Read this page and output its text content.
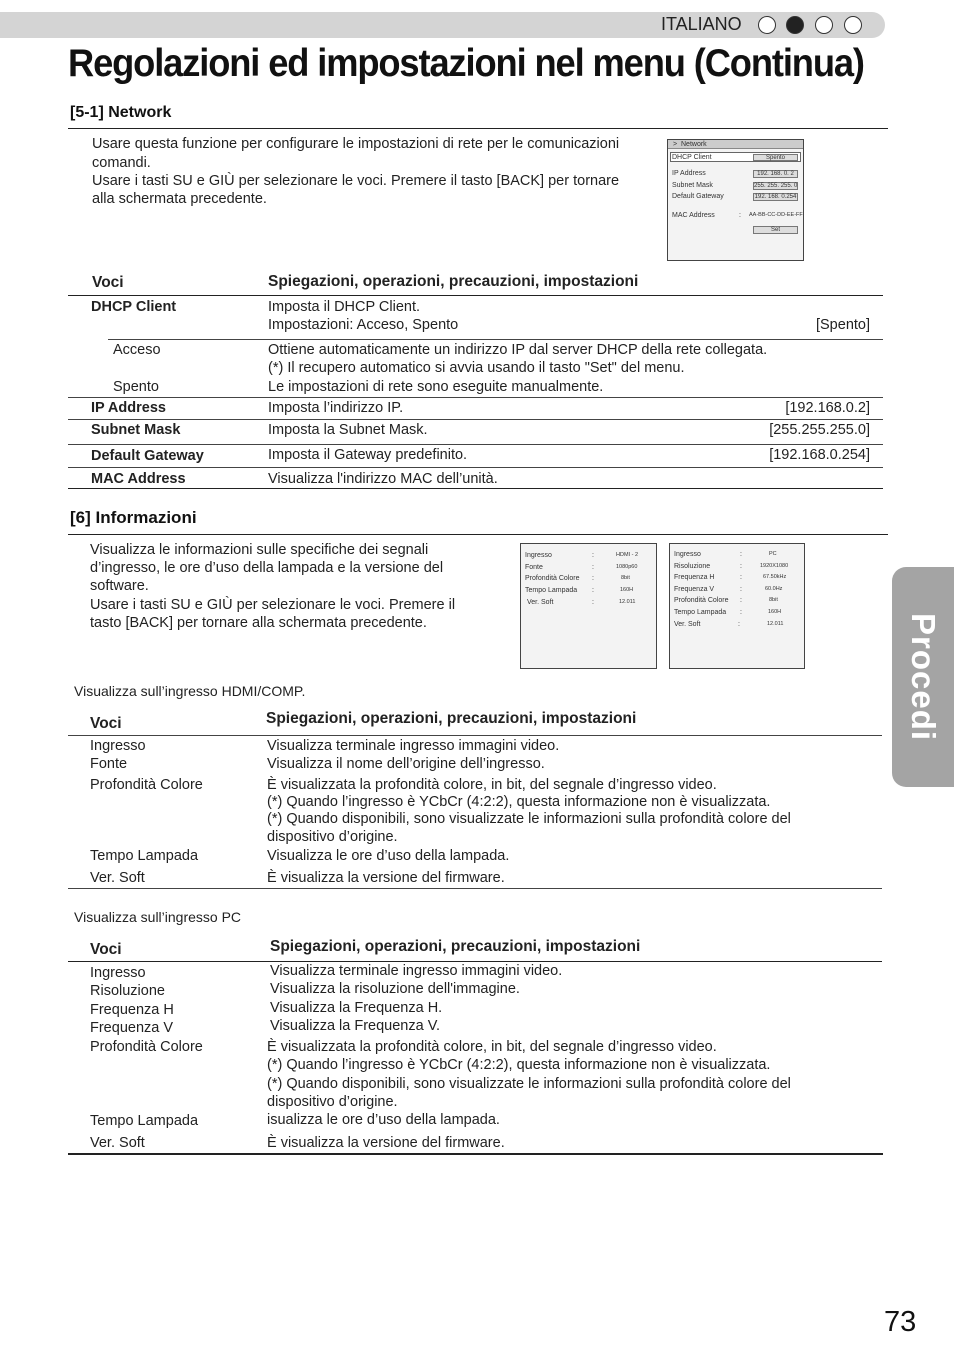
ITALIANO
Regolazioni ed impostazioni nel menu (Continua)
[5-1] Network
Usare questa funzione per configurare le impostazioni di rete per le comunicazioni
comandi.
Usare i tasti SU e GIÙ per selezionare le voci. Premere il tasto [BACK] per tornare
alla schermata precedente.
> Network
DHCP Client	Spento
IP Address	192. 168. 0. 2
Subnet Mask	255. 255. 255. 0
Default Gateway	192. 168. 0.254
MAC Address	: AA-BB-CC-DD-EE-FF
Set
Voci	Spiegazioni, operazioni, precauzioni, impostazioni
DHCP Client	Imposta il DHCP Client.
Impostazioni: Acceso, Spento	[Spento]
Acceso	Ottiene automaticamente un indirizzo IP dal server DHCP della rete collegata.
(*) Il recupero automatico si avvia usando il tasto "Set" del menu.
Spento	Le impostazioni di rete sono eseguite manualmente.
IP Address	Imposta l’indirizzo IP.	[192.168.0.2]
Subnet Mask	Imposta la Subnet Mask.	[255.255.255.0]
Default Gateway	Imposta il Gateway predefinito.	[192.168.0.254]
MAC Address	Visualizza l'indirizzo MAC dell’unità.
[6] Informazioni
Visualizza le informazioni sulle specifiche dei segnali
d’ingresso, le ore d’uso della lampada e la versione del
software.
Usare i tasti SU e GIÙ per selezionare le voci. Premere il
tasto [BACK] per tornare alla schermata precedente.
Ingresso	:	HDMI - 2
Fonte	:	1080p60
Profondità Colore :	8bit
Tempo Lampada :	160H
Ver. Soft	:	12.011
Ingresso	:	PC
Risoluzione	:	1920X1080
Frequenza H	:	67.50kHz
Frequenza V	:	60.0Hz
Profondità Colore :	8bit
Tempo Lampada :	160H
Ver. Soft	:	12.011
Visualizza sull’ingresso HDMI/COMP.
Voci	Spiegazioni, operazioni, precauzioni, impostazioni
Ingresso	Visualizza terminale ingresso immagini video.
Fonte	Visualizza il nome dell’origine dell’ingresso.
Profondità Colore	È visualizzata la profondità colore, in bit, del segnale d’ingresso video.
(*) Quando l’ingresso è YCbCr (4:2:2), questa informazione non è visualizzata.
(*) Quando disponibili, sono visualizzate le informazioni sulla profondità colore del
dispositivo d’origine.
Tempo Lampada	Visualizza le ore d’uso della lampada.
Ver. Soft	È visualizza la versione del firmware.
Visualizza sull’ingresso PC
Voci	Spiegazioni, operazioni, precauzioni, impostazioni
Ingresso	Visualizza terminale ingresso immagini video.
Risoluzione	Visualizza la risoluzione dell'immagine.
Frequenza H	Visualizza la Frequenza H.
Frequenza V	Visualizza la Frequenza V.
Profondità Colore	È visualizzata la profondità colore, in bit, del segnale d’ingresso video.
(*) Quando l’ingresso è YCbCr (4:2:2), questa informazione non è visualizzata.
(*) Quando disponibili, sono visualizzate le informazioni sulla profondità colore del
dispositivo d’origine.
Tempo Lampada	isualizza le ore d’uso della lampada.
Ver. Soft	È visualizza la versione del firmware.
Procedi
73
